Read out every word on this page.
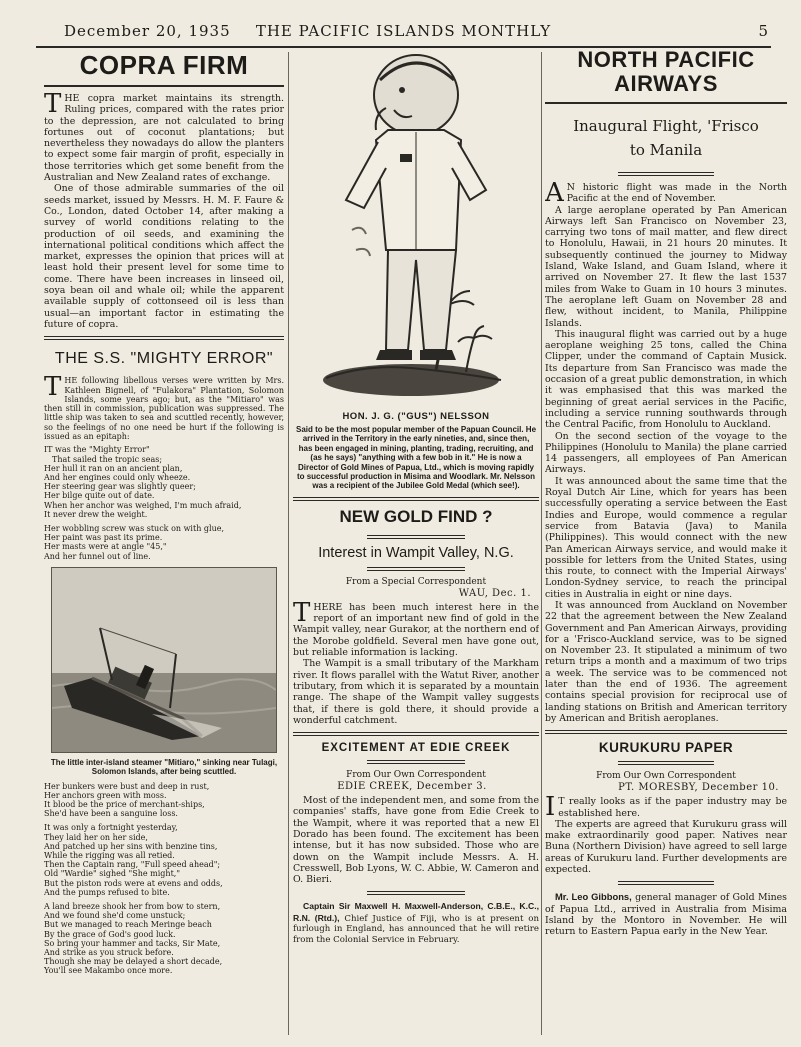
December 20, 1935	THE PACIFIC ISLANDS MONTHLY	5
COPRA FIRM

THE copra market maintains its strength. Ruling prices, compared with the rates prior to the depression, are not calculated to bring fortunes out of coconut plantations; but nevertheless they nowadays do allow the planters to expect some fair margin of profit, especially in those territories which get some benefit from the Australian and New Zealand rates of exchange.

One of those admirable summaries of the oil seeds market, issued by Messrs. H. M. F. Faure & Co., London, dated October 14, after making a survey of world conditions relating to the production of oil seeds, and examining the international political conditions which affect the market, expresses the opinion that prices will at least hold their present level for some time to come. There have been increases in linseed oil, soya bean oil and whale oil; while the apparent available supply of cottonseed oil is less than usual—an important factor in estimating the future of copra.

THE S.S. "MIGHTY ERROR"

THE following libellous verses were written by Mrs. Kathleen Bignell, of "Fulakora" Plantation, Solomon Islands, some years ago; but, as the "Mitiaro" was then still in commission, publication was suppressed. The little ship was taken to sea and scuttled recently, however, so the feelings of no one need be hurt if the following is issued as an epitaph:

IT was the "Mighty Error"
That sailed the tropic seas;
Her hull it ran on an ancient plan,
And her engines could only wheeze.
Her steering gear was slightly queer;
Her bilge quite out of date.
When her anchor was weighed, I'm much afraid,
It never drew the weight.
Her wobbling screw was stuck on with glue,
Her paint was past its prime.
Her masts were at angle "45,"
And her funnel out of line.
The little inter-island steamer "Mitiaro," sinking near Tulagi, Solomon Islands, after being scuttled.
Her bunkers were bust and deep in rust,
Her anchors green with moss.
It blood be the price of merchant-ships,
She'd have been a sanguine loss.
It was only a fortnight yesterday,
They laid her on her side,
And patched up her sins with benzine tins,
While the rigging was all retied.
Then the Captain rang, "Full speed ahead";
Old "Wardie" sighed "She might,"
But the piston rods were at evens and odds,
And the pumps refused to bite.
A land breeze shook her from bow to stern,
And we found she'd come unstuck;
But we managed to reach Meringe beach
By the grace of God's good luck.
So bring your hammer and tacks, Sir Mate,
And strike as you struck before.
Though she may be delayed a short decade,
You'll see Makambo once more.
HON. J. G. ("GUS") NELSSON
Said to be the most popular member of the Papuan Council. He arrived in the Territory in the early nineties, and, since then, has been engaged in mining, planting, trading, recruiting, and (as he says) "anything with a few bob in it." He is now a Director of Gold Mines of Papua, Ltd., which is moving rapidly to successful production in Misima and Woodlark. Mr. Nelsson was a recipient of the Jubilee Gold Medal (which see!).
NEW GOLD FIND ?
Interest in Wampit Valley, N.G.
From a Special Correspondent
WAU, Dec. 1.

THERE has been much interest here in the report of an important new find of gold in the Wampit valley, near Gurakor, at the northern end of the Morobe goldfield. Several men have gone out, but reliable information is lacking.

The Wampit is a small tributary of the Markham river. It flows parallel with the Watut River, another tributary, from which it is separated by a mountain range. The shape of the Wampit valley suggests that, if there is gold there, it should provide a wonderful catchment.

EXCITEMENT AT EDIE CREEK
From Our Own Correspondent
EDIE CREEK, December 3.

Most of the independent men, and some from the companies' staffs, have gone from Edie Creek to the Wampit, where it was reported that a new El Dorado has been found. The excitement has been intense, but it has now subsided. Those who are down on the Wampit include Messrs. A. H. Cresswell, Bob Lyons, W. C. Abbie, W. Cameron and O. Bieri.

Captain Sir Maxwell H. Maxwell-Anderson, C.B.E., K.C., R.N. (Rtd.), Chief Justice of Fiji, who is at present on furlough in England, has announced that he will retire from the Colonial Service in February.

NORTH PACIFIC
AIRWAYS
Inaugural Flight, 'Frisco
to Manila

AN historic flight was made in the North Pacific at the end of November.

A large aeroplane operated by Pan American Airways left San Francisco on November 23, carrying two tons of mail matter, and flew direct to Honolulu, Hawaii, in 21 hours 20 minutes. It subsequently continued the journey to Midway Island, Wake Island, and Guam Island, where it arrived on November 27. It flew the last 1537 miles from Wake to Guam in 10 hours 3 minutes. The aeroplane left Guam on November 28 and flew, without incident, to Manila, Philippine Islands.

This inaugural flight was carried out by a huge aeroplane weighing 25 tons, called the China Clipper, under the command of Captain Musick. Its departure from San Francisco was made the occasion of a great public demonstration, in which it was emphasised that this was marked the beginning of great aerial services in the Pacific, including a service running southwards through the Central Pacific, from Honolulu to Auckland.

On the second section of the voyage to the Philippines (Honolulu to Manila) the plane carried 14 passengers, all employees of Pan American Airways.

It was announced about the same time that the Royal Dutch Air Line, which for years has been successfully operating a service between the East Indies and Europe, would commence a regular service from Batavia (Java) to Manila (Philippines). This would connect with the new Pan American Airways service, and would make it possible for letters from the United States, using this route, to connect with the Imperial Airways' London-Sydney service, to reach the principal cities in Australia in eight or nine days.

It was announced from Auckland on November 22 that the agreement between the New Zealand Government and Pan American Airways, providing for a 'Frisco-Auckland service, was to be signed on November 23. It stipulated a minimum of two return trips a month and a maximum of two trips a week. The service was to be commenced not later than the end of 1936. The agreement contains special provision for reciprocal use of landing stations on British and American territory by American and British aeroplanes.

KURUKURU PAPER
From Our Own Correspondent
PT. MORESBY, December 10.

IT really looks as if the paper industry may be established here.

The experts are agreed that Kurukuru grass will make extraordinarily good paper. Natives near Buna (Northern Division) have agreed to sell large areas of Kurukuru land. Further developments are expected.

Mr. Leo Gibbons, general manager of Gold Mines of Papua Ltd., arrived in Australia from Misima Island by the Montoro in November. He will return to Eastern Papua early in the New Year.
